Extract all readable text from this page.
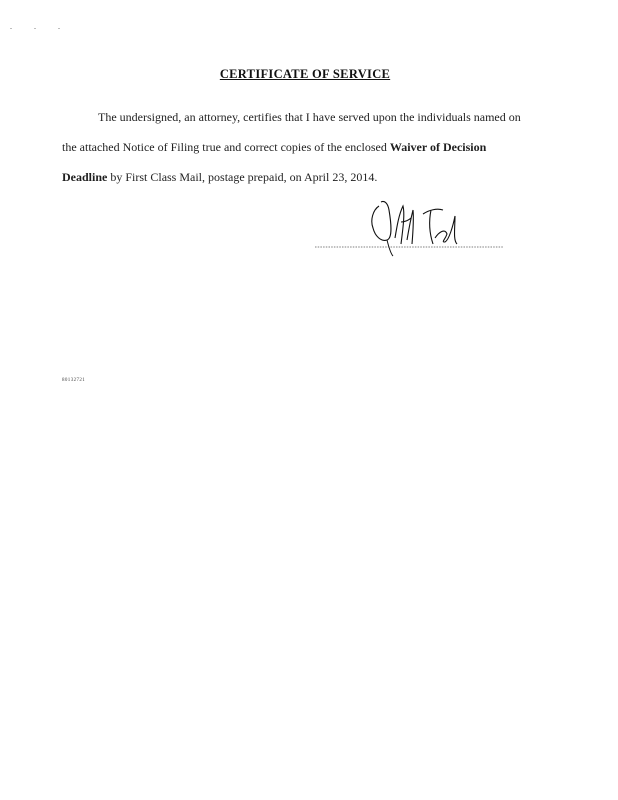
. . .
CERTIFICATE OF SERVICE

The undersigned, an attorney, certifies that I have served upon the individuals named on the attached Notice of Filing true and correct copies of the enclosed Waiver of Decision Deadline by First Class Mail, postage prepaid, on April 23, 2014.

80132721
